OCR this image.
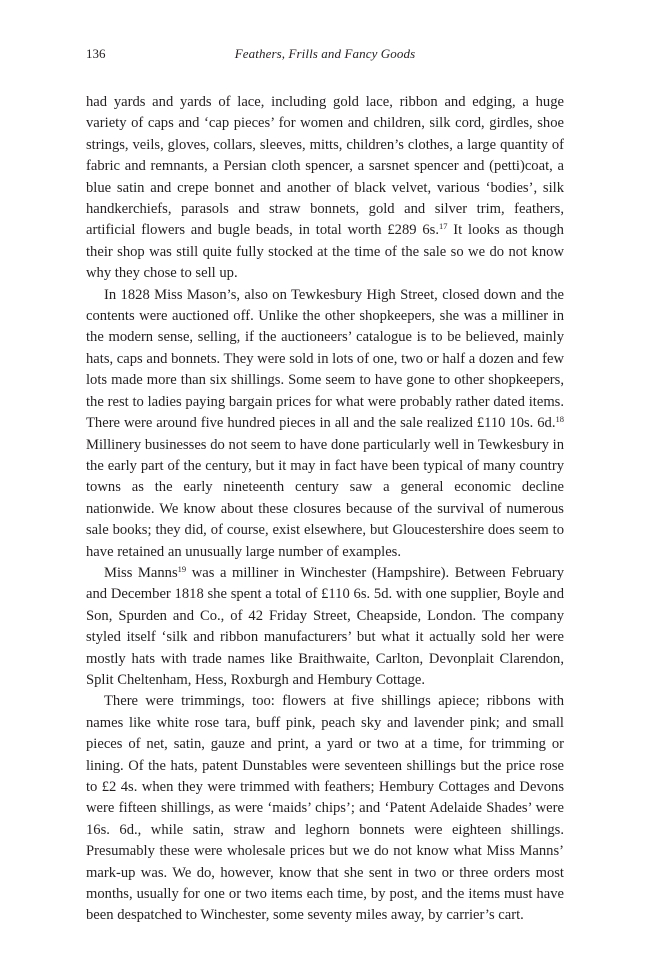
136	Feathers, Frills and Fancy Goods

had yards and yards of lace, including gold lace, ribbon and edging, a huge variety of caps and ‘cap pieces’ for women and children, silk cord, girdles, shoe strings, veils, gloves, collars, sleeves, mitts, children’s clothes, a large quantity of fabric and remnants, a Persian cloth spencer, a sarsnet spencer and (petti)coat, a blue satin and crepe bonnet and another of black velvet, various ‘bodies’, silk handkerchiefs, parasols and straw bonnets, gold and silver trim, feathers, artificial flowers and bugle beads, in total worth £289 6s.$^{17}$ It looks as though their shop was still quite fully stocked at the time of the sale so we do not know why they chose to sell up.

In 1828 Miss Mason’s, also on Tewkesbury High Street, closed down and the contents were auctioned off. Unlike the other shopkeepers, she was a milliner in the modern sense, selling, if the auctioneers’ catalogue is to be believed, mainly hats, caps and bonnets. They were sold in lots of one, two or half a dozen and few lots made more than six shillings. Some seem to have gone to other shopkeepers, the rest to ladies paying bargain prices for what were probably rather dated items. There were around five hundred pieces in all and the sale realized £110 10s. 6d.$^{18}$ Millinery businesses do not seem to have done particularly well in Tewkesbury in the early part of the century, but it may in fact have been typical of many country towns as the early nineteenth century saw a general economic decline nationwide. We know about these closures because of the survival of numerous sale books; they did, of course, exist elsewhere, but Gloucestershire does seem to have retained an unusually large number of examples.

Miss Manns$^{19}$ was a milliner in Winchester (Hampshire). Between February and December 1818 she spent a total of £110 6s. 5d. with one supplier, Boyle and Son, Spurden and Co., of 42 Friday Street, Cheapside, London. The company styled itself ‘silk and ribbon manufacturers’ but what it actually sold her were mostly hats with trade names like Braithwaite, Carlton, Devonplait Clarendon, Split Cheltenham, Hess, Roxburgh and Hembury Cottage.

There were trimmings, too: flowers at five shillings apiece; ribbons with names like white rose tara, buff pink, peach sky and lavender pink; and small pieces of net, satin, gauze and print, a yard or two at a time, for trimming or lining. Of the hats, patent Dunstables were seventeen shillings but the price rose to £2 4s. when they were trimmed with feathers; Hembury Cottages and Devons were fifteen shillings, as were ‘maids’ chips’; and ‘Patent Adelaide Shades’ were 16s. 6d., while satin, straw and leghorn bonnets were eighteen shillings. Presumably these were wholesale prices but we do not know what Miss Manns’ mark-up was. We do, however, know that she sent in two or three orders most months, usually for one or two items each time, by post, and the items must have been despatched to Winchester, some seventy miles away, by carrier’s cart.
